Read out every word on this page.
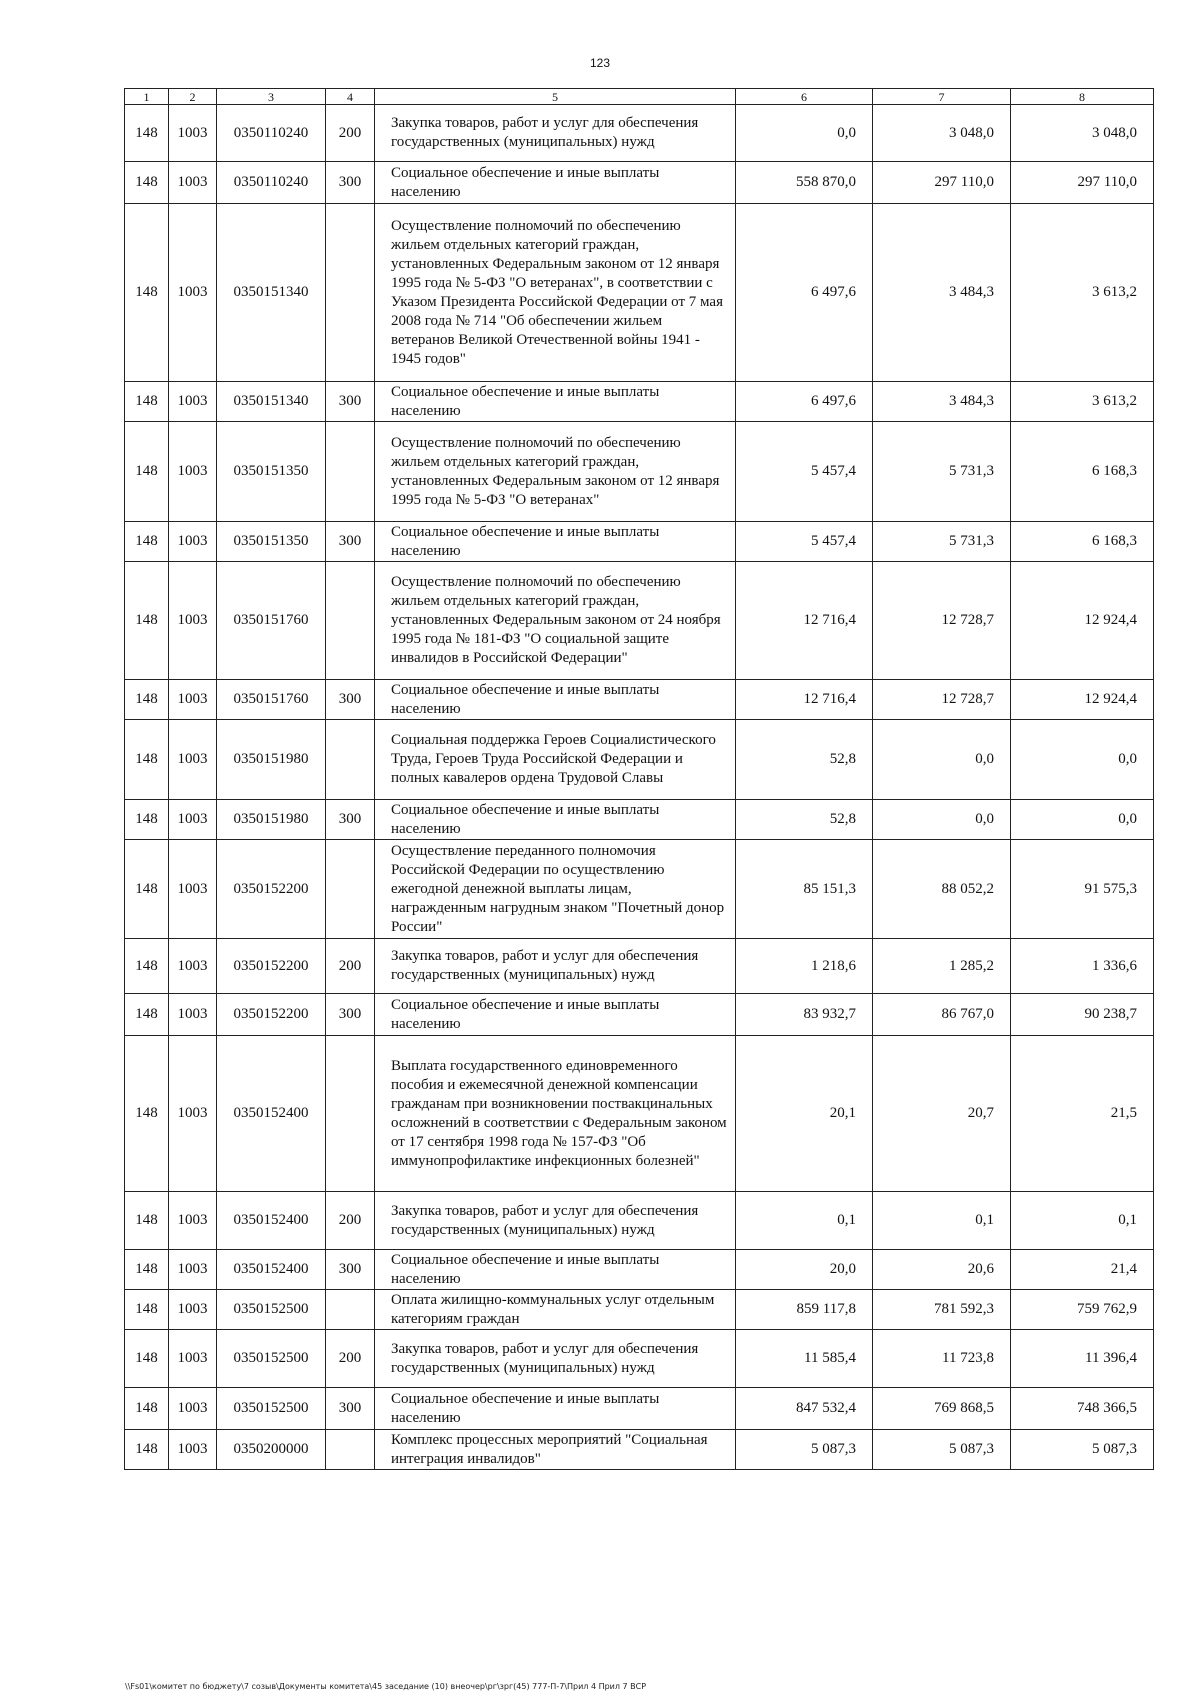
123
1	2	3	4	5	6	7	8
148	1003	0350110240	200	Закупка товаров, работ и услуг для обеспечения государственных (муниципальных) нужд	0,0	3 048,0	3 048,0
148	1003	0350110240	300	Социальное обеспечение и иные выплаты населению	558 870,0	297 110,0	297 110,0
148	1003	0350151340		Осуществление полномочий по обеспечению жильем отдельных категорий граждан, установленных Федеральным законом от 12 января 1995 года № 5-ФЗ "О ветеранах", в соответствии с Указом Президента Российской Федерации от 7 мая 2008 года № 714 "Об обеспечении жильем ветеранов Великой Отечественной войны 1941 - 1945 годов"	6 497,6	3 484,3	3 613,2
148	1003	0350151340	300	Социальное обеспечение и иные выплаты населению	6 497,6	3 484,3	3 613,2
148	1003	0350151350		Осуществление полномочий по обеспечению жильем отдельных категорий граждан, установленных Федеральным законом от 12 января 1995 года № 5-ФЗ "О ветеранах"	5 457,4	5 731,3	6 168,3
148	1003	0350151350	300	Социальное обеспечение и иные выплаты населению	5 457,4	5 731,3	6 168,3
148	1003	0350151760		Осуществление полномочий по обеспечению жильем отдельных категорий граждан, установленных Федеральным законом от 24 ноября 1995 года № 181-ФЗ "О социальной защите инвалидов в Российской Федерации"	12 716,4	12 728,7	12 924,4
148	1003	0350151760	300	Социальное обеспечение и иные выплаты населению	12 716,4	12 728,7	12 924,4
148	1003	0350151980		Социальная поддержка Героев Социалистического Труда, Героев Труда Российской Федерации и полных кавалеров ордена Трудовой Славы	52,8	0,0	0,0
148	1003	0350151980	300	Социальное обеспечение и иные выплаты населению	52,8	0,0	0,0
148	1003	0350152200		Осуществление переданного полномочия Российской Федерации по осуществлению ежегодной денежной выплаты лицам, награжденным нагрудным знаком "Почетный донор России"	85 151,3	88 052,2	91 575,3
148	1003	0350152200	200	Закупка товаров, работ и услуг для обеспечения государственных (муниципальных) нужд	1 218,6	1 285,2	1 336,6
148	1003	0350152200	300	Социальное обеспечение и иные выплаты населению	83 932,7	86 767,0	90 238,7
148	1003	0350152400		Выплата государственного единовременного пособия и ежемесячной денежной компенсации гражданам при возникновении поствакцинальных осложнений в соответствии с Федеральным законом от 17 сентября 1998 года № 157-ФЗ "Об иммунопрофилактике инфекционных болезней"	20,1	20,7	21,5
148	1003	0350152400	200	Закупка товаров, работ и услуг для обеспечения государственных (муниципальных) нужд	0,1	0,1	0,1
148	1003	0350152400	300	Социальное обеспечение и иные выплаты населению	20,0	20,6	21,4
148	1003	0350152500		Оплата жилищно-коммунальных услуг отдельным категориям граждан	859 117,8	781 592,3	759 762,9
148	1003	0350152500	200	Закупка товаров, работ и услуг для обеспечения государственных (муниципальных) нужд	11 585,4	11 723,8	11 396,4
148	1003	0350152500	300	Социальное обеспечение и иные выплаты населению	847 532,4	769 868,5	748 366,5
148	1003	0350200000		Комплекс процессных мероприятий "Социальная интеграция инвалидов"	5 087,3	5 087,3	5 087,3
\\Fs01\комитет по бюджету\7 созыв\Документы комитета\45 заседание (10) внеочер\рг\зрг(45) 777-П-7\Прил 4 Прил 7 ВСР
